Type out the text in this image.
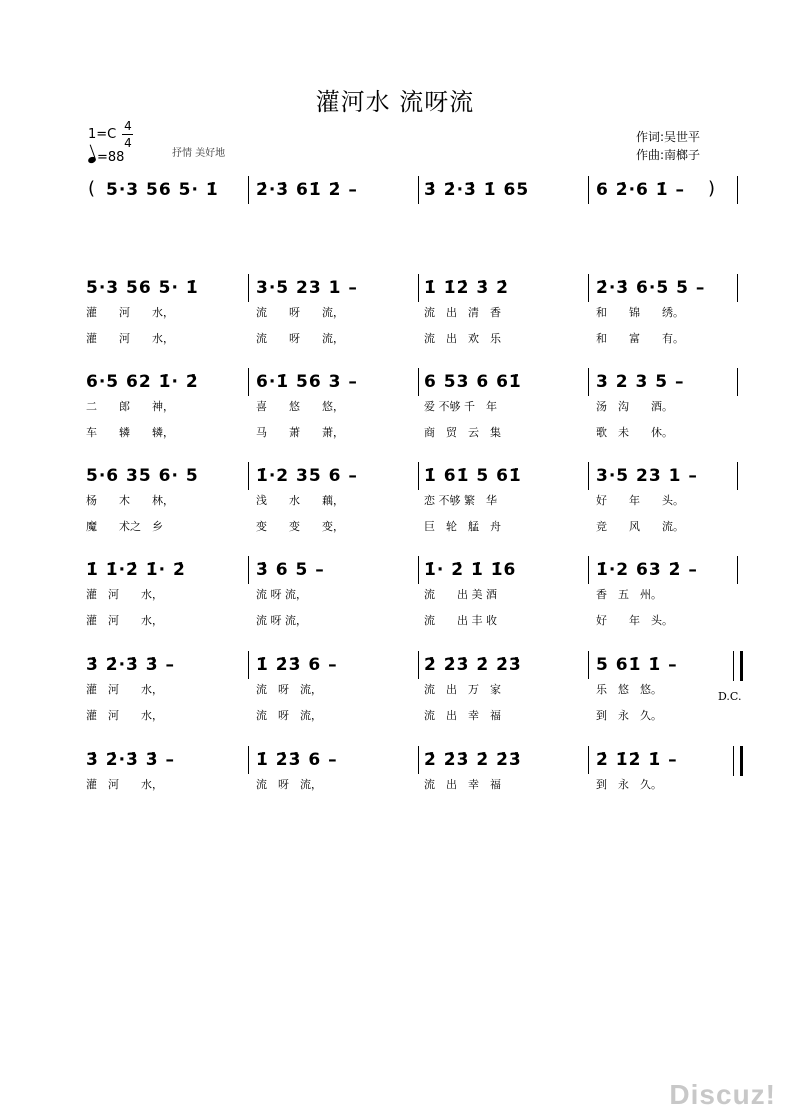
灌河水 流呀流
1=C
4
4
=88	抒情 美好地
作词:吴世平
作曲:南榔子
( 5·3 56 5· 1̇ 2̇·3̇ 61̇ 2̇ –	3̇ 2̇·3̇ 1̇ 65	6 2̇·6 1̇ – )
5·3 56 5· 1̇
灌　　河　　水，
灌　　河　　水，
3·5 23 1 –
流　　呀　　流，
流　　呀　　流，
1̇ 1̇2̇ 3̇ 2̇
流　出　清　香
流　出　欢　乐
2̇·3̇ 6·5 5 –
和　　锦　　绣。
和　　富　　有。
6·5 62 1̇· 2̇
二　　郎　　神，
车　　辚　　辚，
6·1̇ 56 3 –
喜　　悠　　悠，
马　　萧　　萧，
6 53 6 61̇
爱 不够 千　年
商　贸　云　集
3 2 3 5 –
汤　沟　　酒。
歌　未　　休。
5·6 35 6· 5
杨　　木　　林，
魔　　术之　乡
1̇·2 35 6 –
浅　　水　　藕，
变　　变　　变，
1̇ 61̇ 5 61̇
恋 不够 繁　华
巨　轮　艋　舟
3·5 23 1 –
好　　年　　头。
竞　　风　　流。
1̇ 1̇·2̇ 1̇· 2̇
灌　河　　水，
灌　河　　水，
3̇ 6 5 –
流 呀 流，
流 呀 流，
1̇· 2̇ 1̇ 1̇6
流　　出 美 酒
流　　出 丰 收
1̇·2 63 2̇ –
香　五　州。
好　　年　头。
3̇ 2̇·3̇ 3̇ –
灌　河　　水，
灌　河　　水，
1̇ 2̇3̇ 6 –
流　呀　流，
流　呀　流，
2̇ 2̇3̇ 2̇ 2̇3̇
流　出　万　家
流　出　幸　福
5 61̇ 1̇ –
乐　悠　悠。
到　永　久。
3̇ 2̇·3̇ 3̇ –
灌　河　　水，
1̇ 2̇3̇ 6 –
流　呀　流，
2̇ 2̇3̇ 2̇ 2̇3̇
流　出　幸　福
2̇ 1̇2̇ 1̇ –
到　永　久。
D.C.
Discuz!
